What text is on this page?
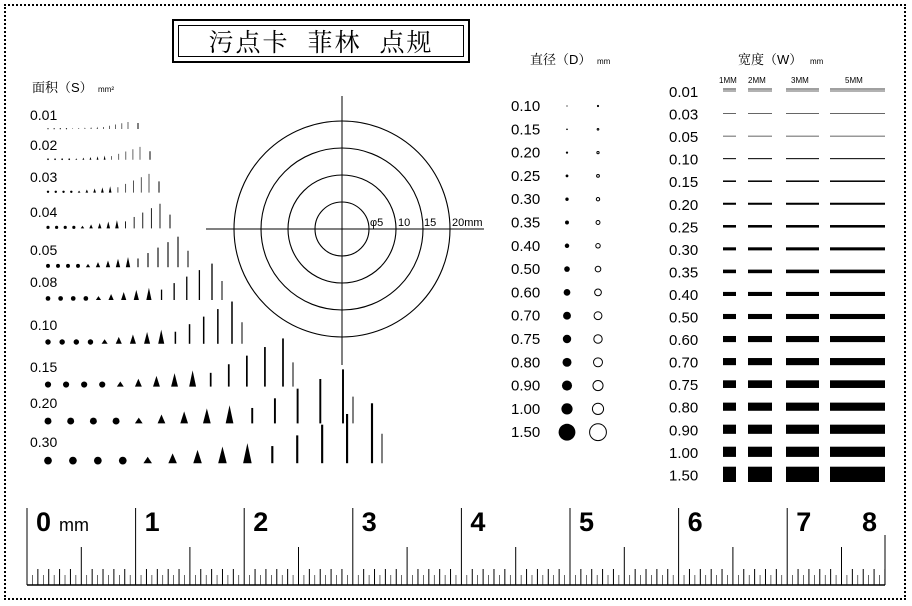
污点卡 菲林 点规
面积（S） mm²
直径（D） mm	宽度（W） mm
0.01
0.02
0.03
0.04
0.05
0.08
0.10
0.15
0.20
0.30
φ5 10 15 20mm
0.10
0.15
0.20
0.25
0.30
0.35
0.40
0.50
0.60
0.70
0.75
0.80
0.90
1.00
1.50
1MM 2MM	3MM	5MM
0.01
0.03
0.05
0.10
0.15
0.20
0.25
0.30
0.35
0.40
0.50
0.60
0.70
0.75
0.80
0.90
1.00
1.50
0	1	2	3	4	5	6	7 8
mm
